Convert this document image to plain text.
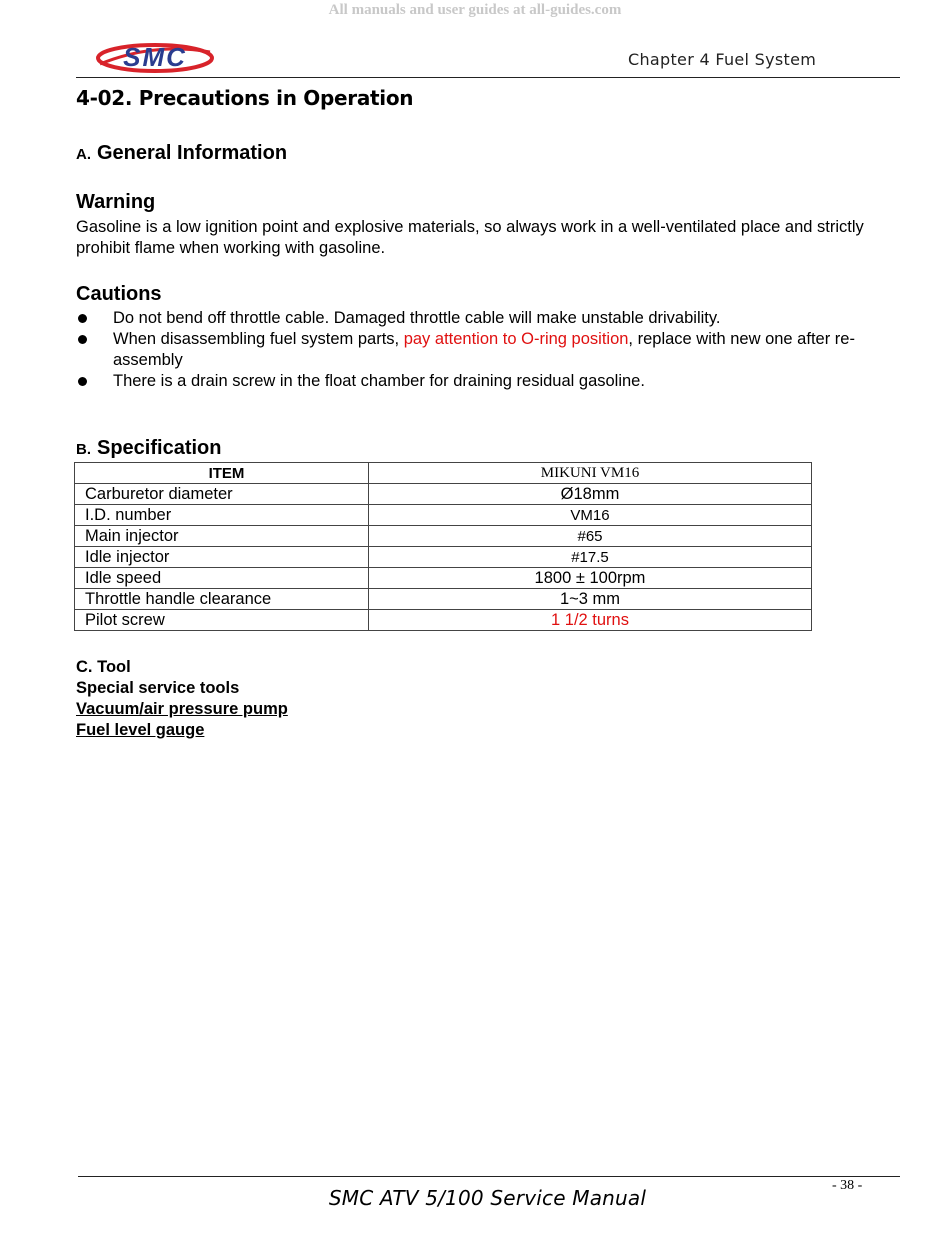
All manuals and user guides at all-guides.com
SMC	Chapter 4 Fuel System
4-02. Precautions in Operation
A. General Information
Warning
Gasoline is a low ignition point and explosive materials, so always work in a well-ventilated place and strictly prohibit flame when working with gasoline.
Cautions
Do not bend off throttle cable. Damaged throttle cable will make unstable drivability.
When disassembling fuel system parts, pay attention to O-ring position, replace with new one after re-assembly
There is a drain screw in the float chamber for draining residual gasoline.
B. Specification
ITEM	MIKUNI VM16
Carburetor diameter	Ø18mm
I.D. number	VM16
Main injector	#65
Idle injector	#17.5
Idle speed	1800 ± 100rpm
Throttle handle clearance	1~3 mm
Pilot screw	1 1/2 turns
C. Tool
Special service tools
Vacuum/air pressure pump
Fuel level gauge
- 38 -
SMC ATV 5/100 Service Manual
